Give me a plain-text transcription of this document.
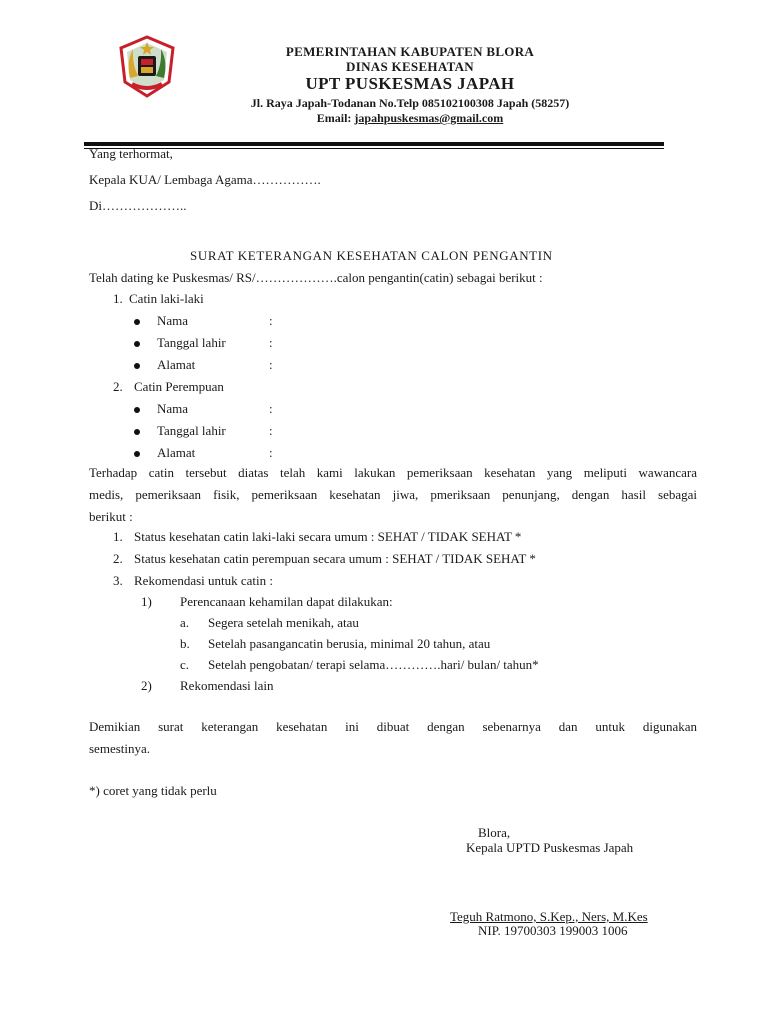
PEMERINTAHAN KABUPATEN BLORA
DINAS KESEHATAN
UPT PUSKESMAS JAPAH
Jl. Raya Japah-Todanan No.Telp 085102100308 Japah (58257)
Email: japahpuskesmas@gmail.com
Yang terhormat,
Kepala KUA/ Lembaga Agama…………….
Di………………..
SURAT KETERANGAN KESEHATAN CALON PENGANTIN
Telah dating ke Puskesmas/ RS/……………….calon pengantin(catin) sebagai berikut :
1. Catin laki-laki
Nama	:
Tanggal lahir	:
Alamat	:
2. Catin Perempuan
Nama	:
Tanggal lahir	:
Alamat	:
Terhadap catin tersebut diatas telah kami lakukan pemeriksaan kesehatan yang meliputi wawancara
medis, pemeriksaan fisik, pemeriksaan kesehatan jiwa, pmeriksaan penunjang, dengan hasil sebagai
berikut :
1. Status kesehatan catin laki-laki secara umum : SEHAT / TIDAK SEHAT *
2. Status kesehatan catin perempuan secara umum : SEHAT / TIDAK SEHAT *
3. Rekomendasi untuk catin :
1) Perencanaan kehamilan dapat dilakukan:
a. Segera setelah menikah, atau
b. Setelah pasangancatin berusia, minimal 20 tahun, atau
c. Setelah pengobatan/ terapi selama………….hari/ bulan/ tahun*
2) Rekomendasi lain
Demikian surat keterangan kesehatan ini dibuat dengan sebenarnya dan untuk digunakan
semestinya.
*) coret yang tidak perlu
Blora,
Kepala UPTD Puskesmas Japah
Teguh Ratmono, S.Kep., Ners, M.Kes
NIP. 19700303 199003 1006
